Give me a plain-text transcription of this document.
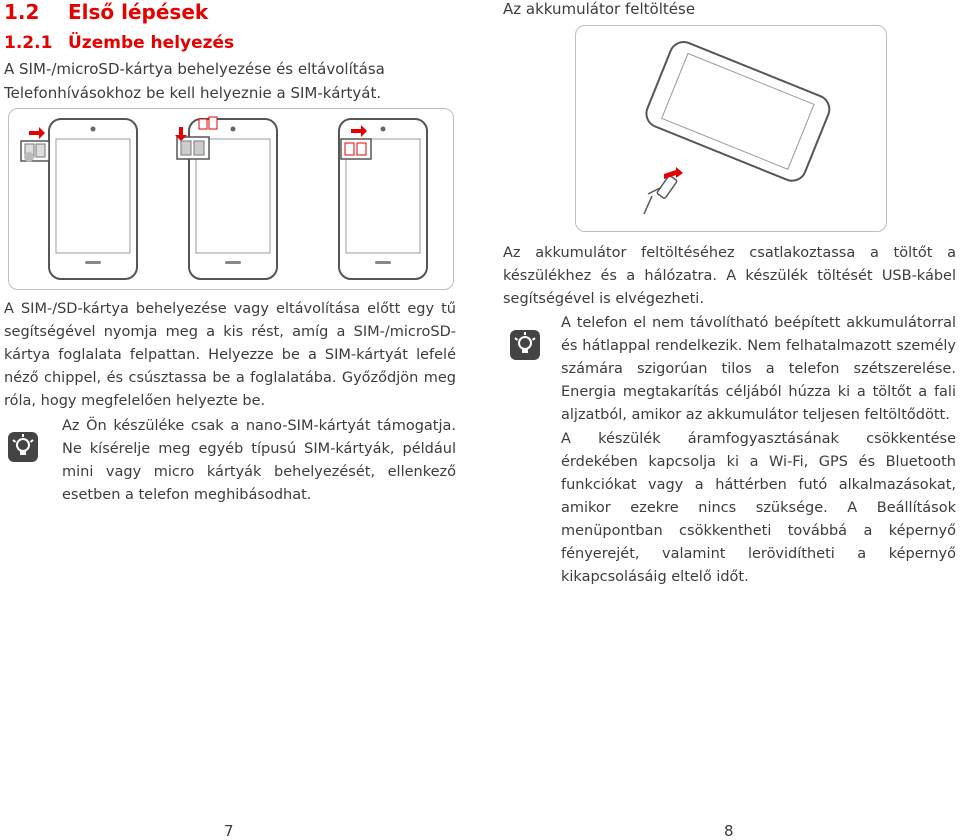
1.2 Első lépések
1.2.1 Üzembe helyezés
A SIM-/microSD-kártya behelyezése és eltávolítása
Telefonhívásokhoz be kell helyeznie a SIM-kártyát.
A SIM-/SD-kártya behelyezése vagy eltávolítása előtt egy tű segítségével nyomja meg a kis rést, amíg a SIM-/microSD-kártya foglalata felpattan. Helyezze be a SIM-kártyát lefelé néző chippel, és csúsztassa be a foglalatába. Győződjön meg róla, hogy megfelelően helyezte be.
Az Ön készüléke csak a nano-SIM-kártyát támogatja. Ne kísérelje meg egyéb típusú SIM-kártyák, például mini vagy micro kártyák behelyezését, ellenkező esetben a telefon meghibásodhat.
7
Az akkumulátor feltöltése
Az akkumulátor feltöltéséhez csatlakoztassa a töltőt a készülékhez és a hálózatra. A készülék töltését USB-kábel segítségével is elvégezheti.
A telefon el nem távolítható beépített akkumulátorral és hátlappal rendelkezik. Nem felhatalmazott személy számára szigorúan tilos a telefon szétszerelése. Energia megtakarítás céljából húzza ki a töltőt a fali aljzatból, amikor az akkumulátor teljesen feltöltődött.
A készülék áramfogyasztásának csökkentése érdekében kapcsolja ki a Wi-Fi, GPS és Bluetooth funkciókat vagy a háttérben futó alkalmazásokat, amikor ezekre nincs szüksége. A Beállítások menüpontban csökkentheti továbbá a képernyő fényerejét, valamint lerövidítheti a képernyő kikapcsolásáig eltelő időt.
8
